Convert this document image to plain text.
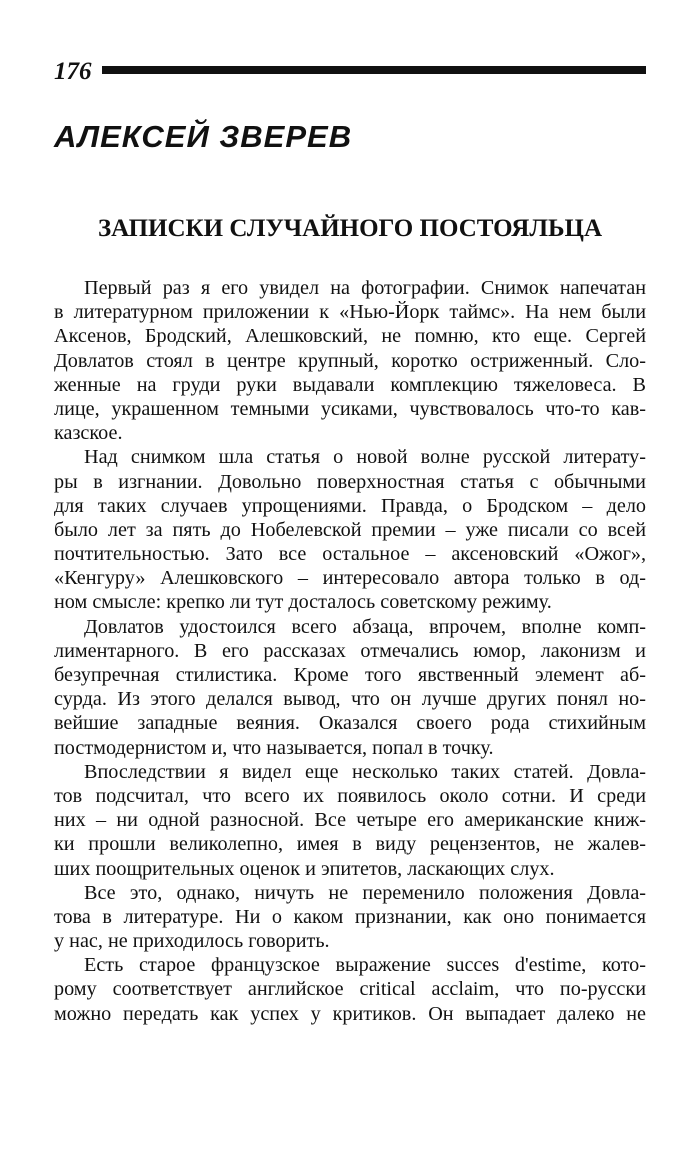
176
АЛЕКСЕЙ ЗВЕРЕВ
ЗАПИСКИ СЛУЧАЙНОГО ПОСТОЯЛЬЦА
Первый раз я его увидел на фотографии. Снимок напечатан
в литературном приложении к «Нью-Йорк таймс». На нем были
Аксенов, Бродский, Алешковский, не помню, кто еще. Сергей
Довлатов стоял в центре крупный, коротко остриженный. Сло-
женные на груди руки выдавали комплекцию тяжеловеса. В
лице, украшенном темными усиками, чувствовалось что-то кав-
казское.
Над снимком шла статья о новой волне русской литерату-
ры в изгнании. Довольно поверхностная статья с обычными
для таких случаев упрощениями. Правда, о Бродском – дело
было лет за пять до Нобелевской премии – уже писали со всей
почтительностью. Зато все остальное – аксеновский «Ожог»,
«Кенгуру» Алешковского – интересовало автора только в од-
ном смысле: крепко ли тут досталось советскому режиму.
Довлатов удостоился всего абзаца, впрочем, вполне комп-
лиментарного. В его рассказах отмечались юмор, лаконизм и
безупречная стилистика. Кроме того явственный элемент аб-
сурда. Из этого делался вывод, что он лучше других понял но-
вейшие западные веяния. Оказался своего рода стихийным
постмодернистом и, что называется, попал в точку.
Впоследствии я видел еще несколько таких статей. Довла-
тов подсчитал, что всего их появилось около сотни. И среди
них – ни одной разносной. Все четыре его американские книж-
ки прошли великолепно, имея в виду рецензентов, не жалев-
ших поощрительных оценок и эпитетов, ласкающих слух.
Все это, однако, ничуть не переменило положения Довла-
това в литературе. Ни о каком признании, как оно понимается
у нас, не приходилось говорить.
Есть старое французское выражение succes d'estime, кото-
рому соответствует английское critical acclaim, что по-русски
можно передать как успех у критиков. Он выпадает далеко не
